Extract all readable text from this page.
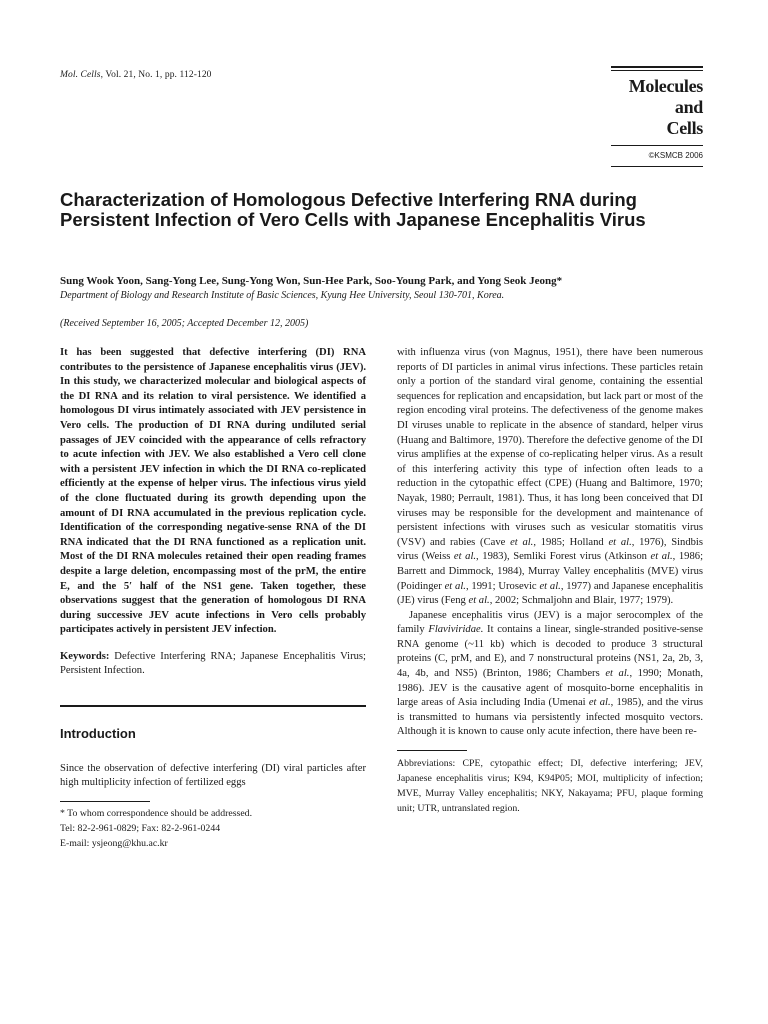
Mol. Cells, Vol. 21, No. 1, pp. 112-120
Molecules
and
Cells
©KSMCB 2006
Characterization of Homologous Defective Interfering RNA during Persistent Infection of Vero Cells with Japanese Encephalitis Virus
Sung Wook Yoon, Sang-Yong Lee, Sung-Yong Won, Sun-Hee Park, Soo-Young Park, and Yong Seok Jeong*
Department of Biology and Research Institute of Basic Sciences, Kyung Hee University, Seoul 130-701, Korea.
(Received September 16, 2005; Accepted December 12, 2005)

It has been suggested that defective interfering (DI) RNA contributes to the persistence of Japanese encephalitis virus (JEV). In this study, we characterized molecular and biological aspects of the DI RNA and its relation to viral persistence. We identified a homologous DI virus intimately associated with JEV persistence in Vero cells. The production of DI RNA during undiluted serial passages of JEV coincided with the appearance of cells refractory to acute infection with JEV. We also established a Vero cell clone with a persistent JEV infection in which the DI RNA co-replicated efficiently at the expense of helper virus. The infectious virus yield of the clone fluctuated during its growth depending upon the amount of DI RNA accumulated in the previous replication cycle. Identification of the corresponding negative-sense RNA of the DI RNA indicated that the DI RNA functioned as a replication unit. Most of the DI RNA molecules retained their open reading frames despite a large deletion, encompassing most of the prM, the entire E, and the 5′ half of the NS1 gene. Taken together, these observations suggest that the generation of homologous DI RNA during successive JEV acute infections in Vero cells probably participates actively in persistent JEV infection.

Keywords: Defective Interfering RNA; Japanese Encephalitis Virus; Persistent Infection.

Introduction

Since the observation of defective interfering (DI) viral particles after high multiplicity infection of fertilized eggs

* To whom correspondence should be addressed.

Tel: 82-2-961-0829; Fax: 82-2-961-0244

E-mail: ysjeong@khu.ac.kr

with influenza virus (von Magnus, 1951), there have been numerous reports of DI particles in animal virus infections. These particles retain only a portion of the standard viral genome, containing the essential sequences for replication and encapsidation, but lack part or most of the region encoding viral proteins. The defectiveness of the genome makes DI viruses unable to replicate in the absence of standard, helper virus (Huang and Baltimore, 1970). Therefore the defective genome of the DI virus amplifies at the expense of co-replicating helper virus. As a result of this interfering activity this type of infection often leads to a reduction in the cytopathic effect (CPE) (Huang and Baltimore, 1970; Nayak, 1980; Perrault, 1981). Thus, it has long been conceived that DI viruses may be responsible for the development and maintenance of persistent infections with viruses such as vesicular stomatitis virus (VSV) and rabies (Cave et al., 1985; Holland et al., 1976), Sindbis virus (Weiss et al., 1983), Semliki Forest virus (Atkinson et al., 1986; Barrett and Dimmock, 1984), Murray Valley encephalitis (MVE) virus (Poidinger et al., 1991; Urosevic et al., 1977) and Japanese encephalitis (JE) virus (Feng et al., 2002; Schmaljohn and Blair, 1977; 1979).

Japanese encephalitis virus (JEV) is a major serocomplex of the family Flaviviridae. It contains a linear, single-stranded positive-sense RNA genome (~11 kb) which is decoded to produce 3 structural proteins (C, prM, and E), and 7 nonstructural proteins (NS1, 2a, 2b, 3, 4a, 4b, and NS5) (Brinton, 1986; Chambers et al., 1990; Monath, 1986). JEV is the causative agent of mosquito-borne encephalitis in large areas of Asia including India (Umenai et al., 1985), and the virus is transmitted to humans via persistently infected mosquito vectors. Although it is known to cause only acute infection, there have been re-

Abbreviations: CPE, cytopathic effect; DI, defective interfering; JEV, Japanese encephalitis virus; K94, K94P05; MOI, multiplicity of infection; MVE, Murray Valley encephalitis; NKY, Nakayama; PFU, plaque forming unit; UTR, untranslated region.
